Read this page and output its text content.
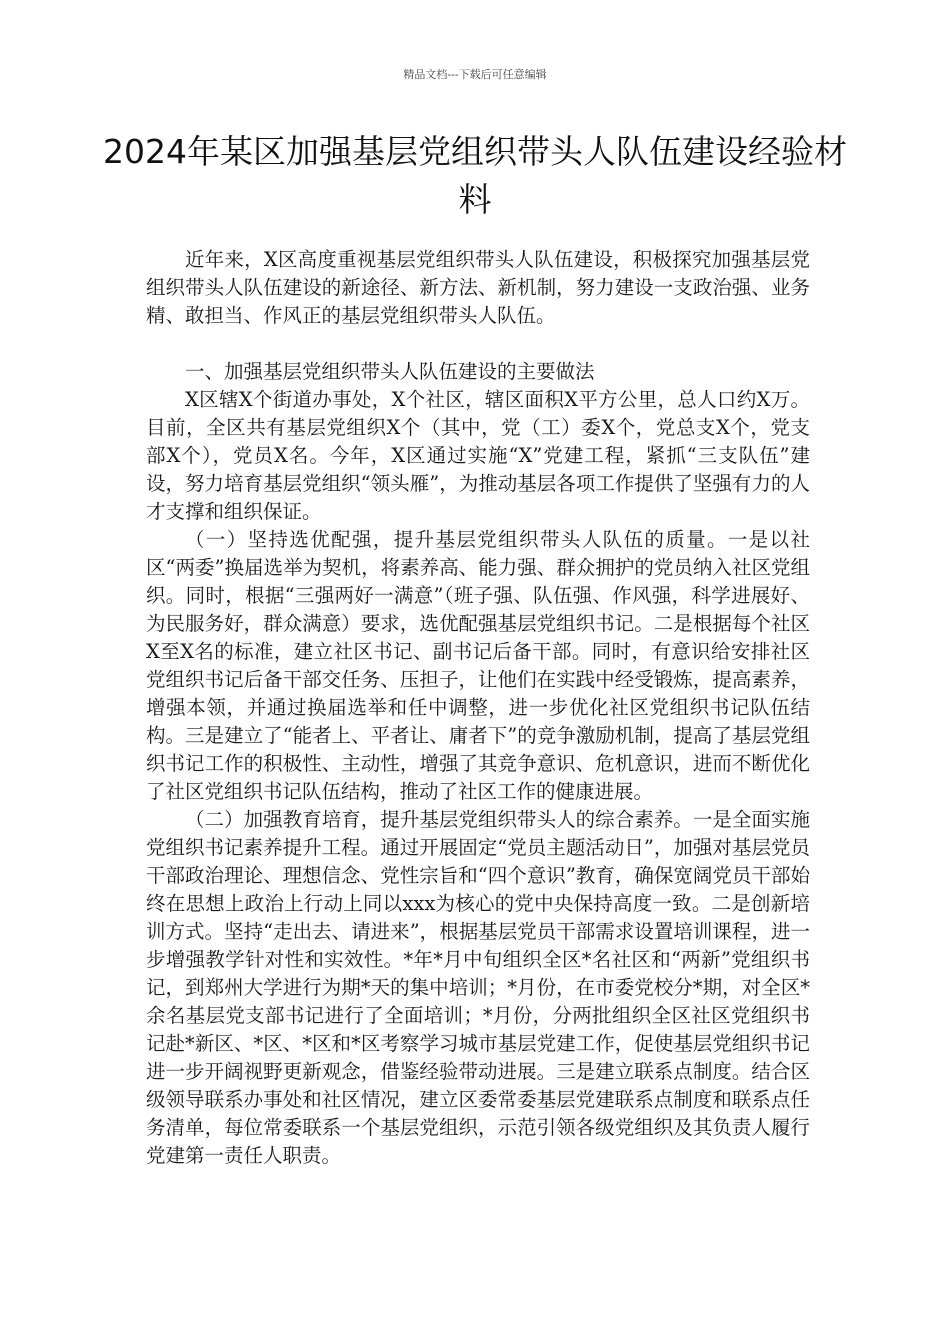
精品文档---下载后可任意编辑
2024年某区加强基层党组织带头人队伍建设经验材料

近年来，X区高度重视基层党组织带头人队伍建设，积极探究加强基层党组织带头人队伍建设的新途径、新方法、新机制，努力建设一支政治强、业务精、敢担当、作风正的基层党组织带头人队伍。

一、加强基层党组织带头人队伍建设的主要做法

X区辖X个街道办事处，X个社区，辖区面积X平方公里，总人口约X万。目前，全区共有基层党组织X个（其中，党（工）委X个，党总支X个，党支部X个），党员X名。今年，X区通过实施“X”党建工程，紧抓“三支队伍”建设，努力培育基层党组织“领头雁”，为推动基层各项工作提供了坚强有力的人才支撑和组织保证。

（一）坚持选优配强，提升基层党组织带头人队伍的质量。一是以社区“两委”换届选举为契机，将素养高、能力强、群众拥护的党员纳入社区党组织。同时，根据“三强两好一满意”（班子强、队伍强、作风强，科学进展好、为民服务好，群众满意）要求，选优配强基层党组织书记。二是根据每个社区X至X名的标准，建立社区书记、副书记后备干部。同时，有意识给安排社区党组织书记后备干部交任务、压担子，让他们在实践中经受锻炼，提高素养，增强本领，并通过换届选举和任中调整，进一步优化社区党组织书记队伍结构。三是建立了“能者上、平者让、庸者下”的竞争激励机制，提高了基层党组织书记工作的积极性、主动性，增强了其竞争意识、危机意识，进而不断优化了社区党组织书记队伍结构，推动了社区工作的健康进展。

（二）加强教育培育，提升基层党组织带头人的综合素养。一是全面实施党组织书记素养提升工程。通过开展固定“党员主题活动日”，加强对基层党员干部政治理论、理想信念、党性宗旨和“四个意识”教育，确保宽阔党员干部始终在思想上政治上行动上同以xxx为核心的党中央保持高度一致。二是创新培训方式。坚持“走出去、请进来”，根据基层党员干部需求设置培训课程，进一步增强教学针对性和实效性。*年*月中旬组织全区*名社区和“两新”党组织书记，到郑州大学进行为期*天的集中培训；*月份，在市委党校分*期，对全区*余名基层党支部书记进行了全面培训；*月份，分两批组织全区社区党组织书记赴*新区、*区、*区和*区考察学习城市基层党建工作，促使基层党组织书记进一步开阔视野更新观念，借鉴经验带动进展。三是建立联系点制度。结合区级领导联系办事处和社区情况，建立区委常委基层党建联系点制度和联系点任务清单，每位常委联系一个基层党组织，示范引领各级党组织及其负责人履行党建第一责任人职责。
